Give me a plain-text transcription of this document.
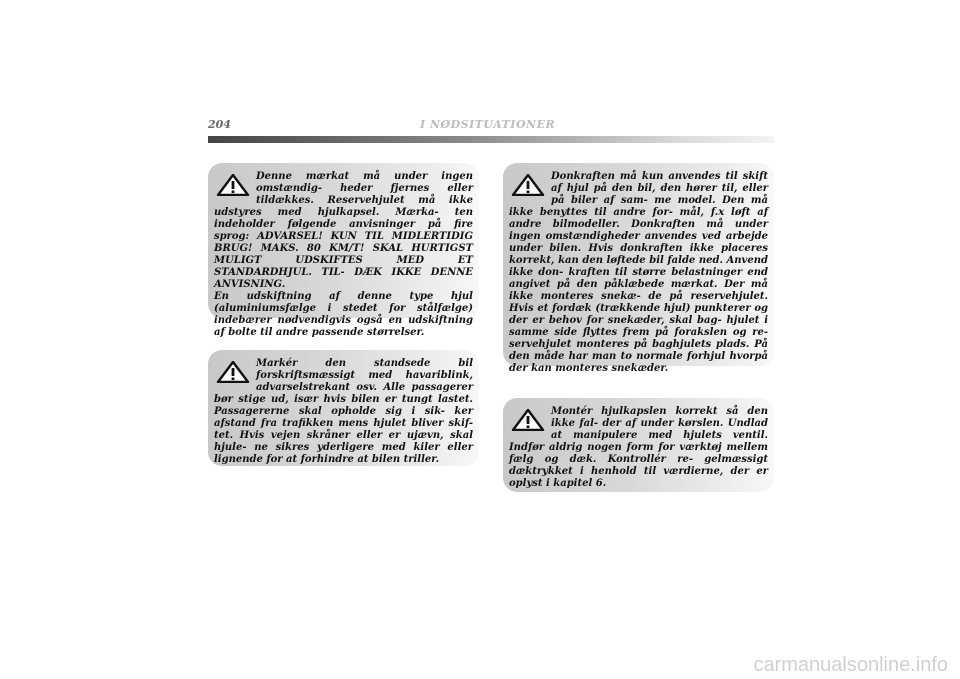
204	I NØDSITUATIONER

Denne mærkat må under ingen omstændig- heder fjernes eller tildækkes. Reservehjulet må ikke udstyres med hjulkapsel. Mærka- ten indeholder følgende anvisninger på fire sprog: ADVARSEL! KUN TIL MIDLERTIDIG BRUG! MAKS. 80 KM/T! SKAL HURTIGST MULIGT UDSKIFTES MED ET STANDARDHJUL. TIL- DÆK IKKE DENNE ANVISNING.

En udskiftning af denne type hjul (aluminiumsfælge i stedet for stålfælge) indebærer nødvendigvis også en udskiftning af bolte til andre passende størrelser.

Markér den standsede bil forskriftsmæssigt med havariblink, advarselstrekant osv. Alle passagerer bør stige ud, især hvis bilen er tungt lastet. Passagererne skal opholde sig i sik- ker afstand fra trafikken mens hjulet bliver skif- tet. Hvis vejen skråner eller er ujævn, skal hjule- ne sikres yderligere med kiler eller lignende for at forhindre at bilen triller.

Donkraften må kun anvendes til skift af hjul på den bil, den hører til, eller på biler af sam- me model. Den må ikke benyttes til andre for- mål, f.x løft af andre bilmodeller. Donkraften må under ingen omstændigheder anvendes ved arbejde under bilen. Hvis donkraften ikke placeres korrekt, kan den løftede bil falde ned. Anvend ikke don- kraften til større belastninger end angivet på den påklæbede mærkat. Der må ikke monteres snekæ- de på reservehjulet. Hvis et fordæk (trækkende hjul) punkterer og der er behov for snekæder, skal bag- hjulet i samme side flyttes frem på forakslen og re- servehjulet monteres på baghjulets plads. På den måde har man to normale forhjul hvorpå der kan monteres snekæder.

Montér hjulkapslen korrekt så den ikke fal- der af under kørslen. Undlad at manipulere med hjulets ventil. Indfør aldrig nogen form for værktøj mellem fælg og dæk. Kontrollér re- gelmæssigt dæktrykket i henhold til værdierne, der er oplyst i kapitel 6.

carmanualsonline.info
